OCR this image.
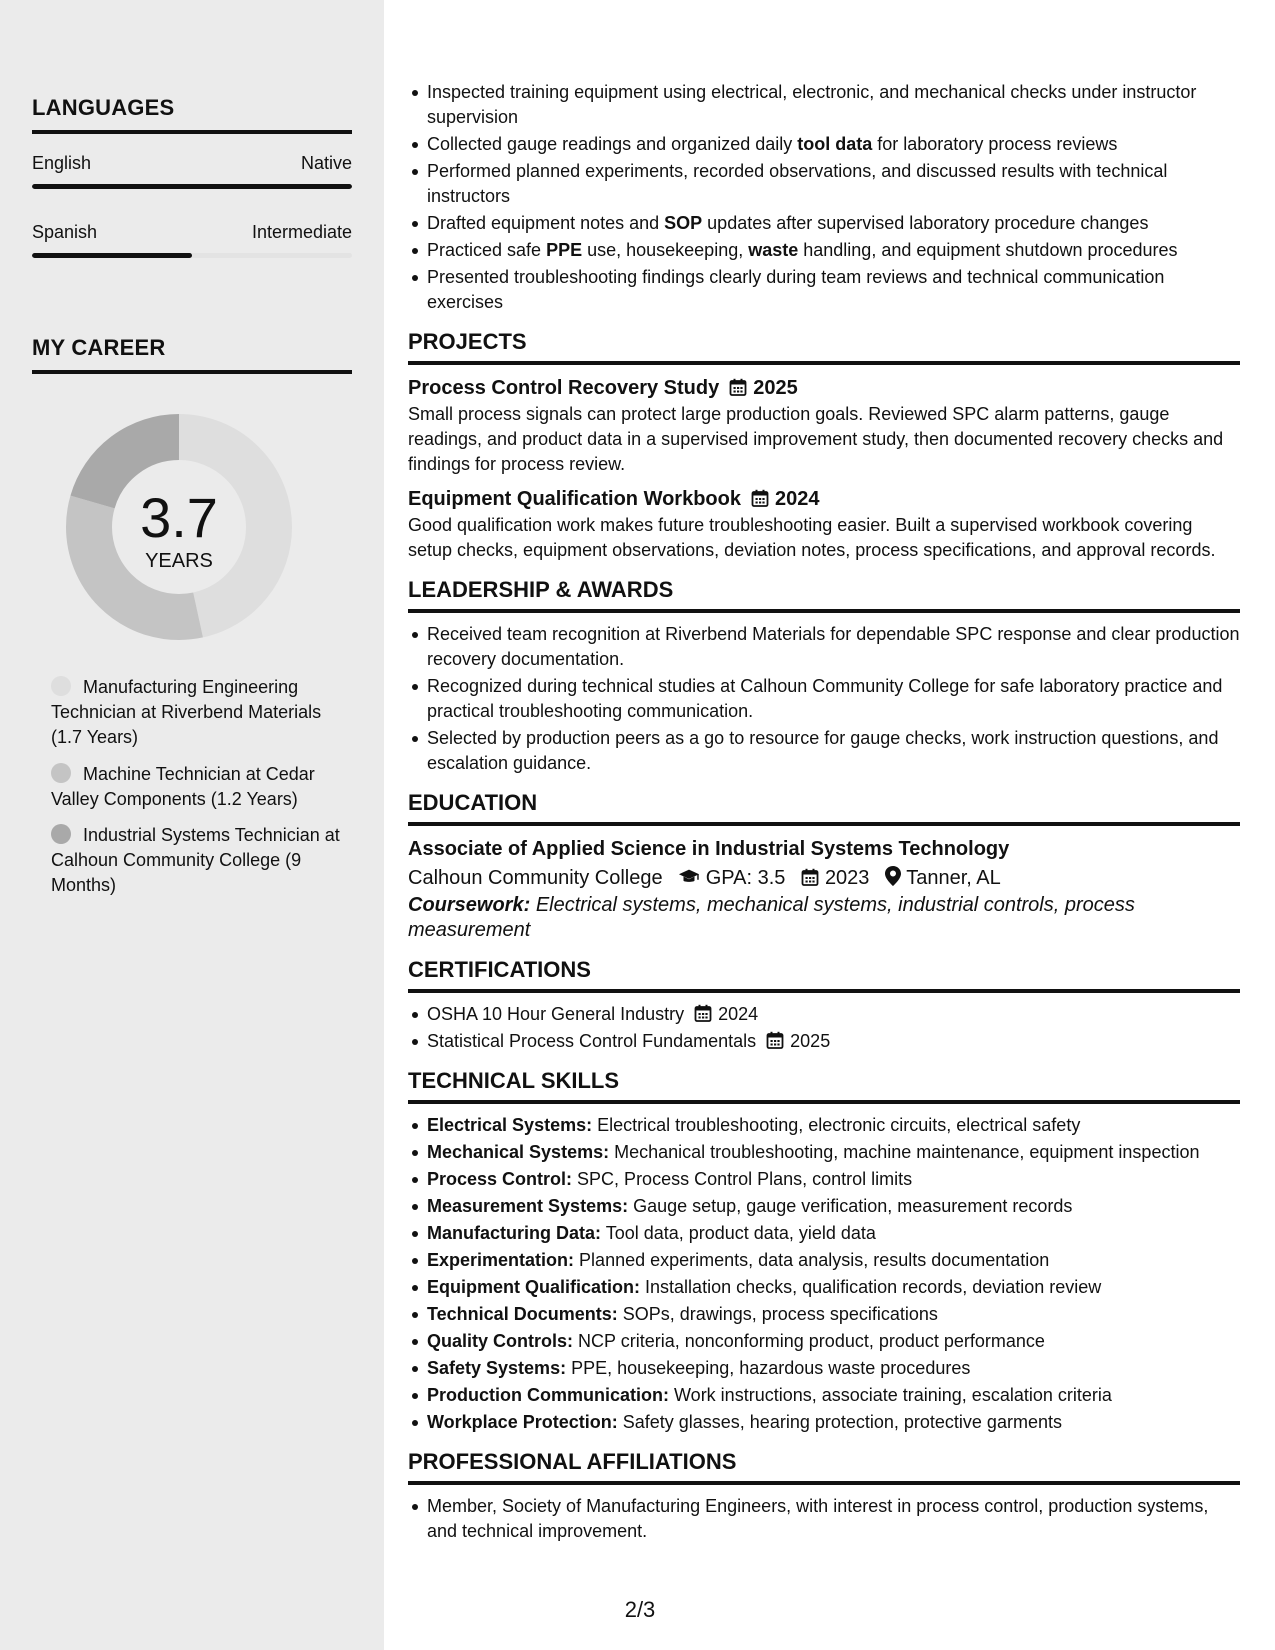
LANGUAGES
English	Native
Spanish	Intermediate
MY CAREER
3.7
YEARS
Manufacturing Engineering Technician at Riverbend Materials (1.7 Years)
Machine Technician at Cedar Valley Components (1.2 Years)
Industrial Systems Technician at Calhoun Community College (9 Months)
Inspected training equipment using electrical, electronic, and mechanical checks under instructor supervision
Collected gauge readings and organized daily tool data for laboratory process reviews
Performed planned experiments, recorded observations, and discussed results with technical instructors
Drafted equipment notes and SOP updates after supervised laboratory procedure changes
Practiced safe PPE use, housekeeping, waste handling, and equipment shutdown procedures
Presented troubleshooting findings clearly during team reviews and technical communication exercises
PROJECTS
Process Control Recovery Study 2025
Small process signals can protect large production goals. Reviewed SPC alarm patterns, gauge readings, and product data in a supervised improvement study, then documented recovery checks and findings for process review.
Equipment Qualification Workbook 2024
Good qualification work makes future troubleshooting easier. Built a supervised workbook covering setup checks, equipment observations, deviation notes, process specifications, and approval records.
LEADERSHIP & AWARDS
Received team recognition at Riverbend Materials for dependable SPC response and clear production recovery documentation.
Recognized during technical studies at Calhoun Community College for safe laboratory practice and practical troubleshooting communication.
Selected by production peers as a go to resource for gauge checks, work instruction questions, and escalation guidance.
EDUCATION
Associate of Applied Science in Industrial Systems Technology
Calhoun Community College GPA: 3.5 2023 Tanner, AL
Coursework: Electrical systems, mechanical systems, industrial controls, process measurement
CERTIFICATIONS
OSHA 10 Hour General Industry 2024
Statistical Process Control Fundamentals 2025
TECHNICAL SKILLS
Electrical Systems: Electrical troubleshooting, electronic circuits, electrical safety
Mechanical Systems: Mechanical troubleshooting, machine maintenance, equipment inspection
Process Control: SPC, Process Control Plans, control limits
Measurement Systems: Gauge setup, gauge verification, measurement records
Manufacturing Data: Tool data, product data, yield data
Experimentation: Planned experiments, data analysis, results documentation
Equipment Qualification: Installation checks, qualification records, deviation review
Technical Documents: SOPs, drawings, process specifications
Quality Controls: NCP criteria, nonconforming product, product performance
Safety Systems: PPE, housekeeping, hazardous waste procedures
Production Communication: Work instructions, associate training, escalation criteria
Workplace Protection: Safety glasses, hearing protection, protective garments
PROFESSIONAL AFFILIATIONS
Member, Society of Manufacturing Engineers, with interest in process control, production systems, and technical improvement.
2/3
